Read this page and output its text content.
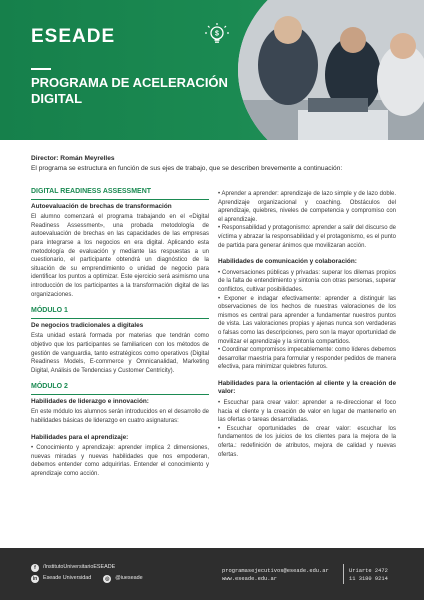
ESEADE	$
PROGRAMA DE ACELERACIÓN DIGITAL
Director: Román Meyrelles
El programa se estructura en función de sus ejes de trabajo, que se describen brevemente a continuación:
DIGITAL READINESS ASSESSMENT
Autoevaluación de brechas de transformación
El alumno comenzará el programa trabajando en el «Digital Readiness Assessment», una probada metodología de autoevaluación de brechas en las capacidades de las empresas para integrarse a los negocios en era digital. Aplicando esta metodología de evaluación y mediante las respuestas a un cuestionario, el participante obtendrá un diagnóstico de la situación de su emprendimiento o unidad de negocio para identificar los puntos a optimizar. Este ejercicio será asimismo una introducción de los participantes a la transformación digital de las organizaciones.
MÓDULO 1
De negocios tradicionales a digitales
Esta unidad estará formada por materias que tendrán como objetivo que los participantes se familiaricen con los métodos de gestión de vanguardia, tanto estratégicos como operativos (Digital Readiness Models, E-commerce y Omnicanalidad, Marketing Digital, Análisis de Tendencias y Customer Centricity).
MÓDULO 2
Habilidades de liderazgo e innovación:
En este módulo los alumnos serán introducidos en el desarrollo de habilidades básicas de liderazgo en cuatro asignaturas:
Habilidades para el aprendizaje:
• Conocimiento y aprendizaje: aprender implica 2 dimensiones, nuevas miradas y nuevas habilidades que nos empoderan, debemos entender como adquirirlas. Entender el conocimiento y aprendizaje como acción.
• Aprender a aprender: aprendizaje de lazo simple y de lazo doble. Aprendizaje organizacional y coaching. Obstáculos del aprendizaje, quiebres, niveles de competencia y compromiso con el aprendizaje.
• Responsabilidad y protagonismo: aprender a salir del discurso de víctima y abrazar la responsabilidad y el protagonismo, es el punto de partida para generar ánimos que movilizaran acción.
Habilidades de comunicación y colaboración:
• Conversaciones públicas y privadas: superar los dilemas propios de la falta de entendimiento y sintonía con otras personas, superar conflictos, cultivar posibilidades.
• Exponer e indagar efectivamente: aprender a distinguir las observaciones de los hechos de nuestras valoraciones de los mismos es central para aprender a fundamentar nuestros puntos de vista. Las valoraciones propias y ajenas nunca son verdaderas o falsas como las descripciones, pero son la mayor oportunidad de movilizar el aprendizaje y la sintonía compartidos.
• Coordinar compromisos impecablemente: como líderes debemos desarrollar maestría para formular y responder pedidos de manera efectiva, para minimizar quiebres futuros.
Habilidades para la orientación al cliente y la creación de valor:
• Escuchar para crear valor: aprender a re-direccionar el foco hacia el cliente y la creación de valor en lugar de mantenerlo en las ofertas o tareas desarrolladas.
• Escuchar oportunidades de crear valor: escuchar los fundamentos de los juicios de los clientes para la mejora de la oferta.: redefinición de atributos, mejora de calidad y nuevas ofertas.
f	/InstitutoUniversitarioESEADE
in	Eseade Universidad	◎	@iueseade
programasejecutivos@eseade.edu.ar
www.eseade.edu.ar
Uriarte 2472
11 3180 9214
